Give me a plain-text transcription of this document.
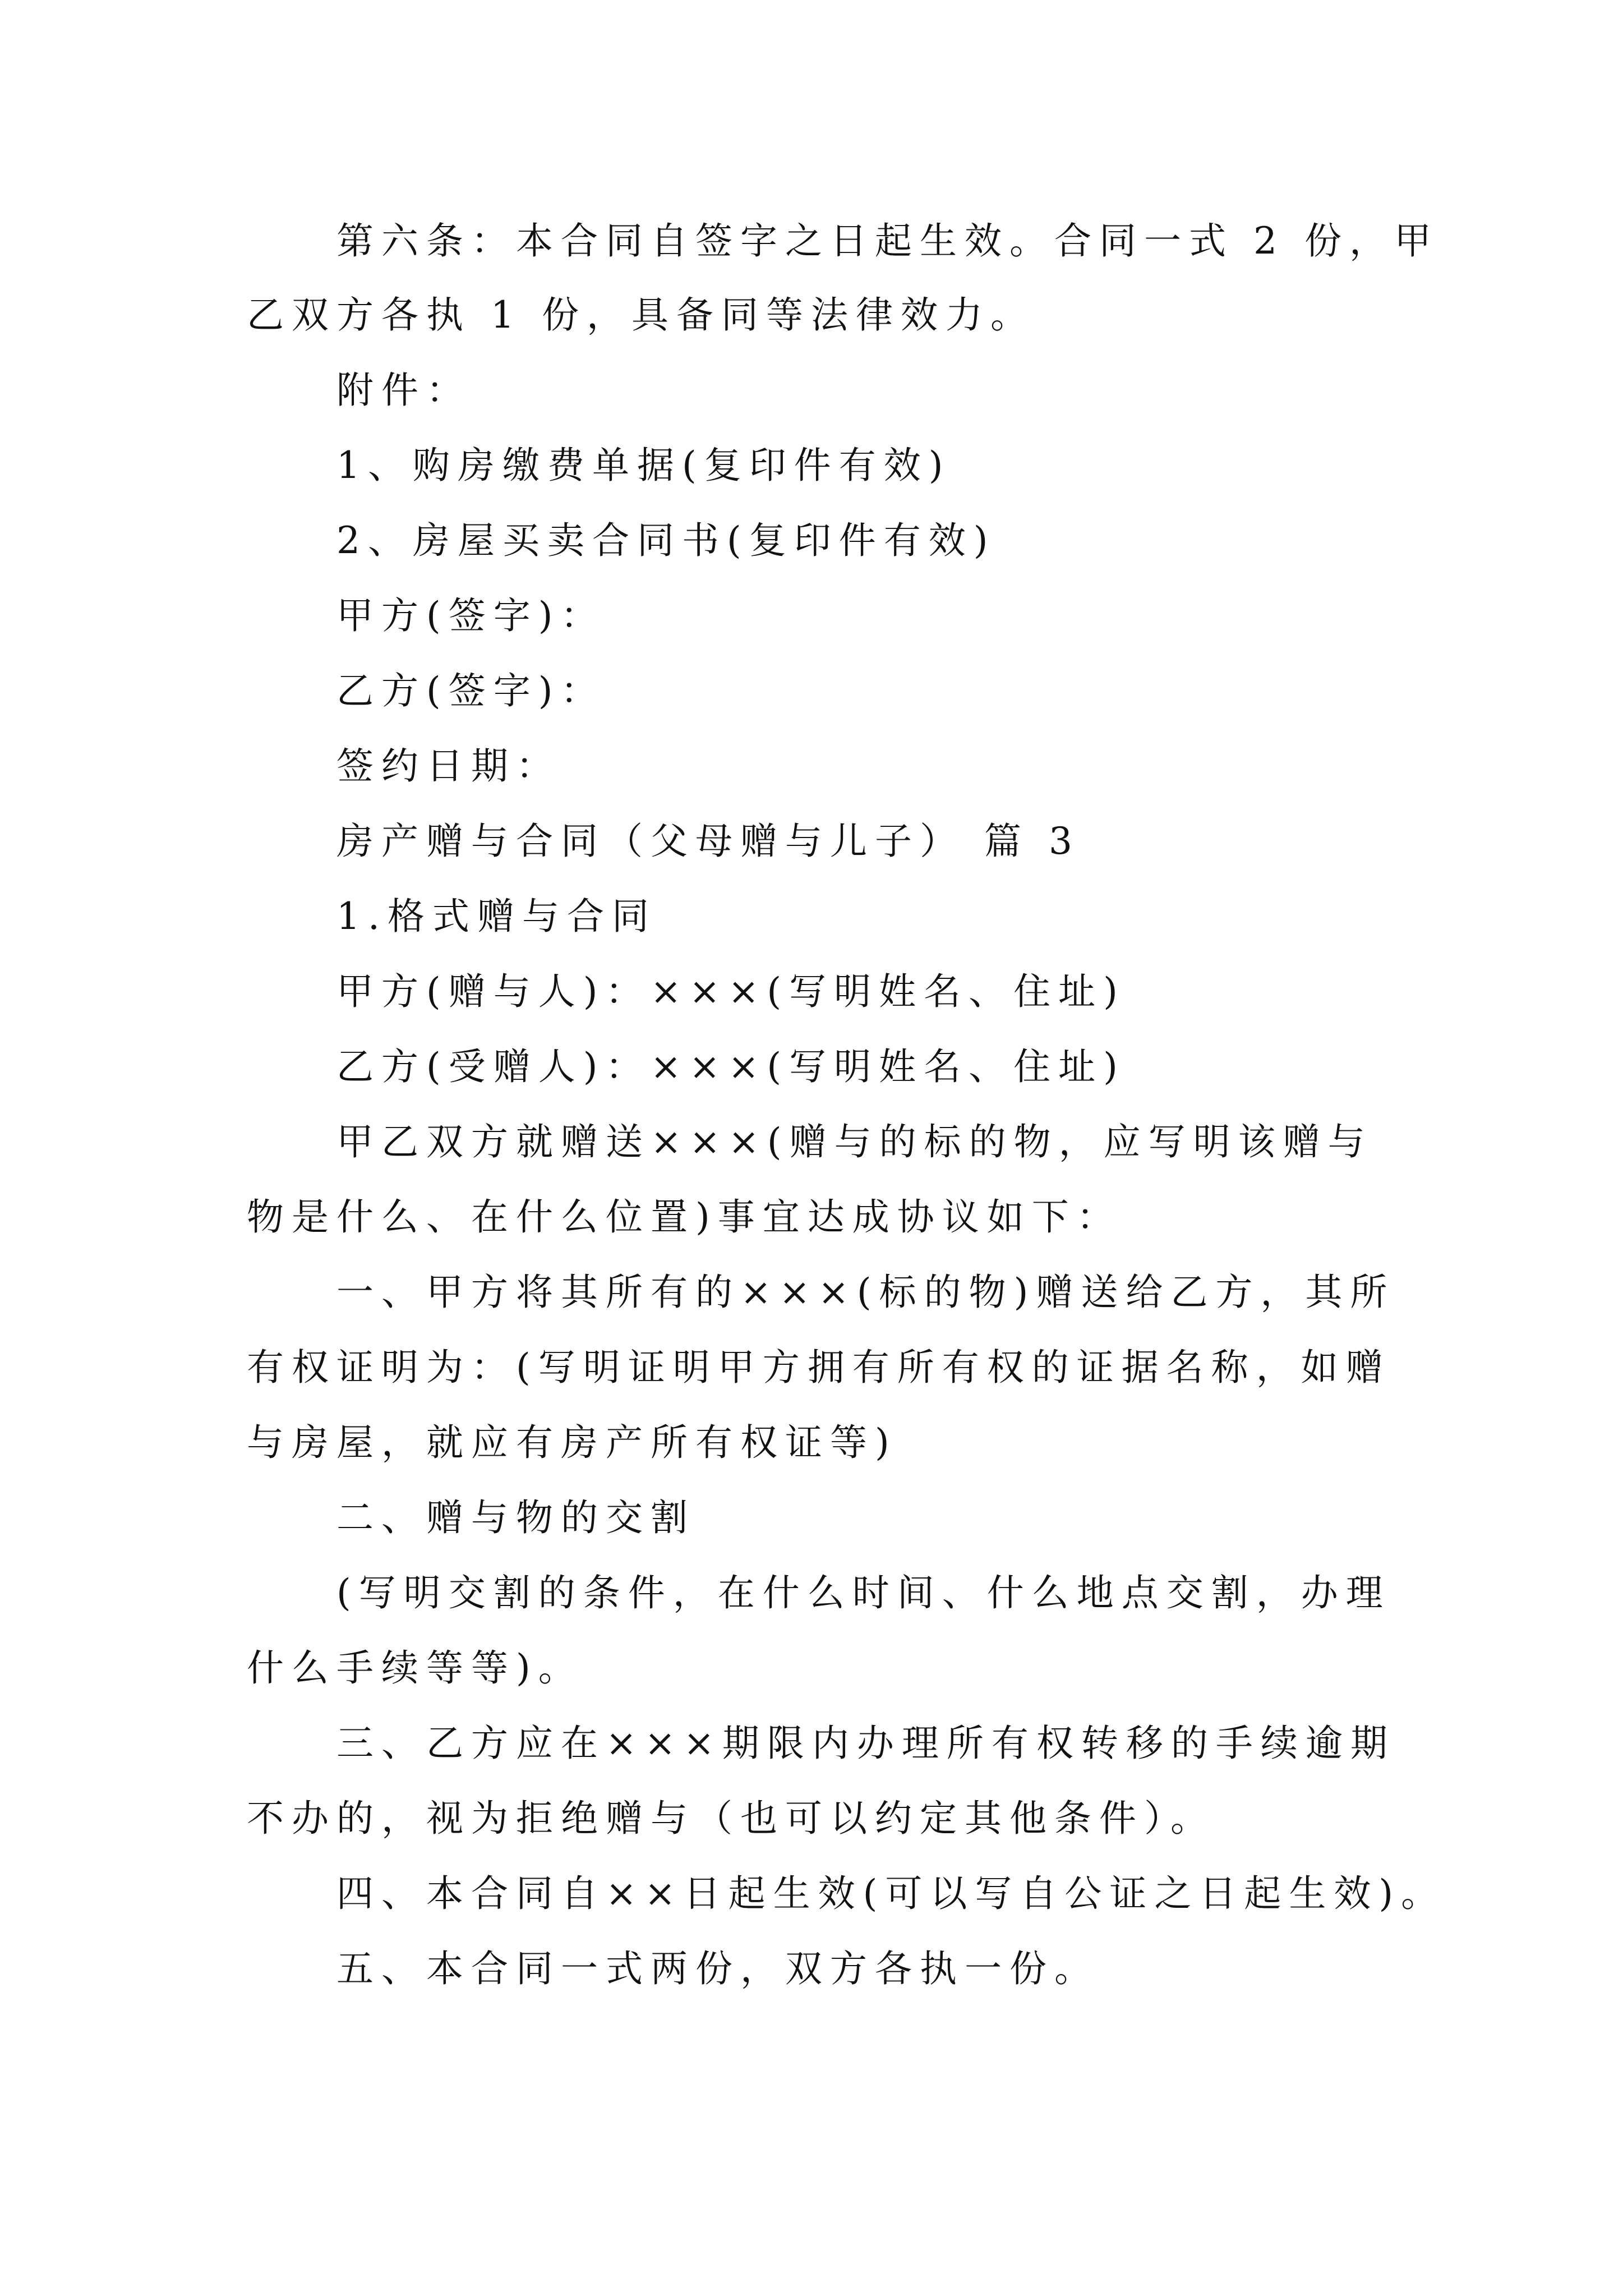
第六条：本合同自签字之日起生效。合同一式 2 份，甲
乙双方各执 1 份，具备同等法律效力。
附件：
1、购房缴费单据(复印件有效)
2、房屋买卖合同书(复印件有效)
甲方(签字)：
乙方(签字)：
签约日期：
房产赠与合同（父母赠与儿子） 篇 3
1.格式赠与合同
甲方(赠与人)：×××(写明姓名、住址)
乙方(受赠人)：×××(写明姓名、住址)
甲乙双方就赠送×××(赠与的标的物，应写明该赠与
物是什么、在什么位置)事宜达成协议如下：
一、甲方将其所有的×××(标的物)赠送给乙方，其所
有权证明为：(写明证明甲方拥有所有权的证据名称，如赠
与房屋，就应有房产所有权证等)
二、赠与物的交割
(写明交割的条件，在什么时间、什么地点交割，办理
什么手续等等)。
三、乙方应在×××期限内办理所有权转移的手续逾期
不办的，视为拒绝赠与（也可以约定其他条件）。
四、本合同自××日起生效(可以写自公证之日起生效)。
五、本合同一式两份，双方各执一份。
